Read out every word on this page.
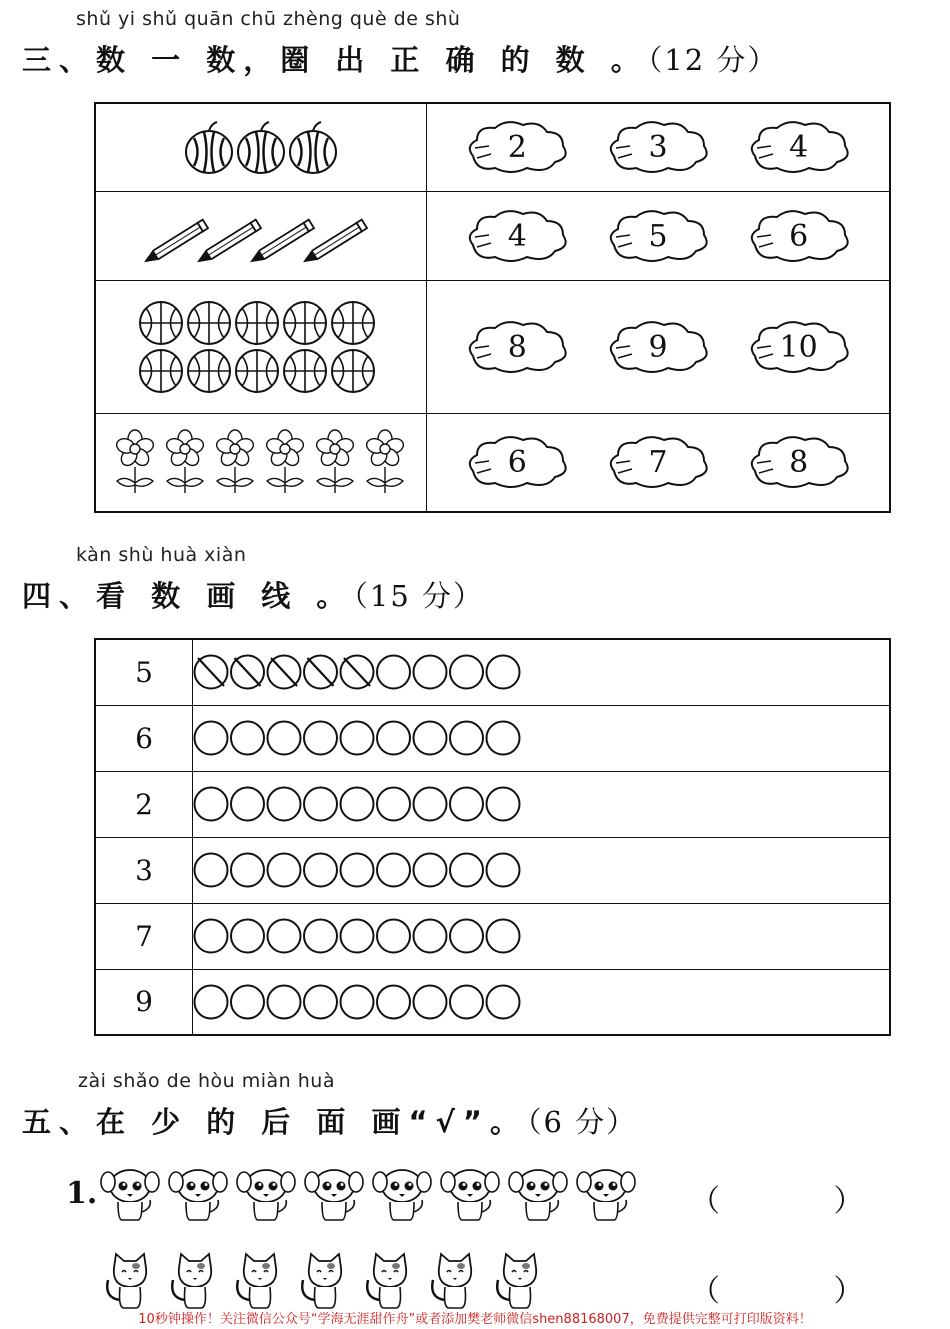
shǔ yi shǔ quān chū zhèng què de shù
三、数 一 数，圈 出 正 确 的 数 。（12 分）

2 3 4

4 5 6

8 9 10

6 7 8
kàn shù huà xiàn
四、看 数 画 线 。（15 分）
5	

6	

2	

3	

7	

9	
zài shǎo de hòu miàn huà
五、在 少 的 后 面 画“√”。（6 分）
1.	（ ）
（ ）
10秒钟操作！关注微信公众号“学海无涯甜作舟”或者添加樊老师微信shen88168007，免费提供完整可打印版资料！
